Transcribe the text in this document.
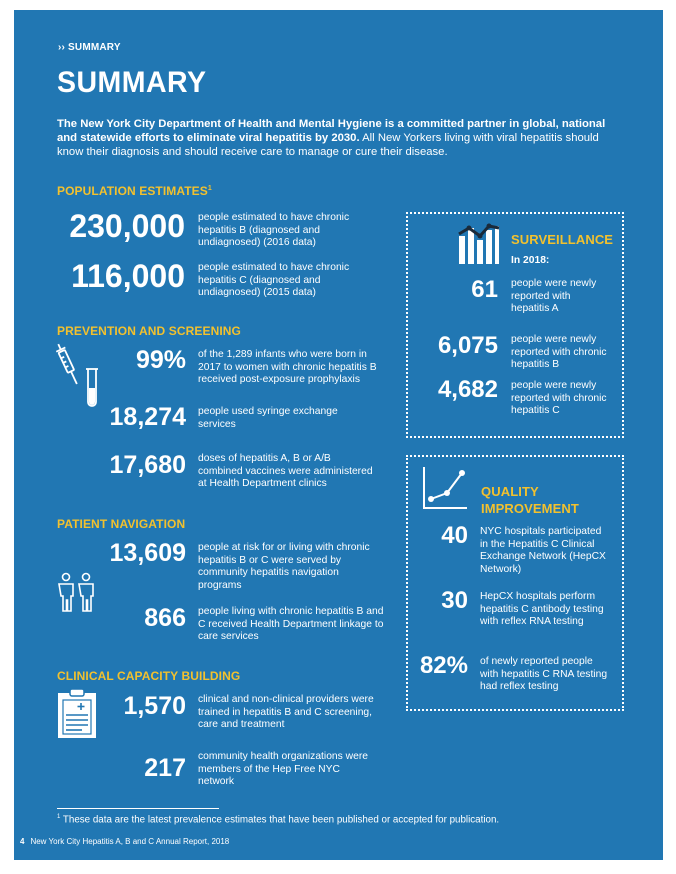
›› SUMMARY
SUMMARY
The New York City Department of Health and Mental Hygiene is a committed partner in global, national and statewide efforts to eliminate viral hepatitis by 2030. All New Yorkers living with viral hepatitis should know their diagnosis and should receive care to manage or cure their disease.
POPULATION ESTIMATES$^1$
230,000 people estimated to have chronic hepatitis B (diagnosed and undiagnosed) (2016 data)
116,000 people estimated to have chronic hepatitis C (diagnosed and undiagnosed) (2015 data)
PREVENTION AND SCREENING
99% of the 1,289 infants who were born in 2017 to women with chronic hepatitis B received post-exposure prophylaxis
18,274 people used syringe exchange services
17,680 doses of hepatitis A, B or A/B combined vaccines were administered at Health Department clinics
PATIENT NAVIGATION
13,609 people at risk for or living with chronic hepatitis B or C were served by community hepatitis navigation programs
866 people living with chronic hepatitis B and C received Health Department linkage to care services
CLINICAL CAPACITY BUILDING
1,570 clinical and non-clinical providers were trained in hepatitis B and C screening, care and treatment
217 community health organizations were members of the Hep Free NYC network
SURVEILLANCE
In 2018:
61 people were newly reported with hepatitis A
6,075 people were newly reported with chronic hepatitis B
4,682 people were newly reported with chronic hepatitis C
QUALITY
IMPROVEMENT
40 NYC hospitals participated in the Hepatitis C Clinical Exchange Network (HepCX Network)
30 HepCX hospitals perform hepatitis C antibody testing with reflex RNA testing
82% of newly reported people with hepatitis C RNA testing had reflex testing
$^1$ These data are the latest prevalence estimates that have been published or accepted for publication.
4 New York City Hepatitis A, B and C Annual Report, 2018
